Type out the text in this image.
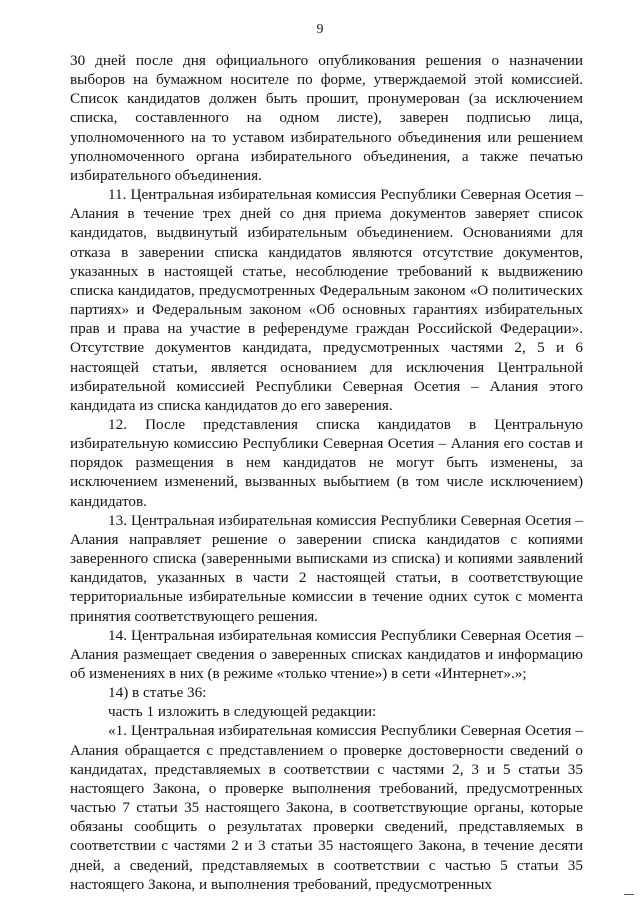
9

30 дней после дня официального опубликования решения о назначении выборов на бумажном носителе по форме, утверждаемой этой комиссией. Список кандидатов должен быть прошит, пронумерован (за исключением списка, составленного на одном листе), заверен подписью лица, уполномоченного на то уставом избирательного объединения или решением уполномоченного органа избирательного объединения, а также печатью избирательного объединения.

11. Центральная избирательная комиссия Республики Северная Осетия – Алания в течение трех дней со дня приема документов заверяет список кандидатов, выдвинутый избирательным объединением. Основаниями для отказа в заверении списка кандидатов являются отсутствие документов, указанных в настоящей статье, несоблюдение требований к выдвижению списка кандидатов, предусмотренных Федеральным законом «О политических партиях» и Федеральным законом «Об основных гарантиях избирательных прав и права на участие в референдуме граждан Российской Федерации». Отсутствие документов кандидата, предусмотренных частями 2, 5 и 6 настоящей статьи, является основанием для исключения Центральной избирательной комиссией Республики Северная Осетия – Алания этого кандидата из списка кандидатов до его заверения.

12. После представления списка кандидатов в Центральную избирательную комиссию Республики Северная Осетия – Алания его состав и порядок размещения в нем кандидатов не могут быть изменены, за исключением изменений, вызванных выбытием (в том числе исключением) кандидатов.

13. Центральная избирательная комиссия Республики Северная Осетия – Алания направляет решение о заверении списка кандидатов с копиями заверенного списка (заверенными выписками из списка) и копиями заявлений кандидатов, указанных в части 2 настоящей статьи, в соответствующие территориальные избирательные комиссии в течение одних суток с момента принятия соответствующего решения.

14. Центральная избирательная комиссия Республики Северная Осетия – Алания размещает сведения о заверенных списках кандидатов и информацию об изменениях в них (в режиме «только чтение») в сети «Интернет».»;

14) в статье 36:

часть 1 изложить в следующей редакции:

«1. Центральная избирательная комиссия Республики Северная Осетия – Алания обращается с представлением о проверке достоверности сведений о кандидатах, представляемых в соответствии с частями 2, 3 и 5 статьи 35 настоящего Закона, о проверке выполнения требований, предусмотренных частью 7 статьи 35 настоящего Закона, в соответствующие органы, которые обязаны сообщить о результатах проверки сведений, представляемых в соответствии с частями 2 и 3 статьи 35 настоящего Закона, в течение десяти дней, а сведений, представляемых в соответствии с частью 5 статьи 35 настоящего Закона, и выполнения требований, предусмотренных
